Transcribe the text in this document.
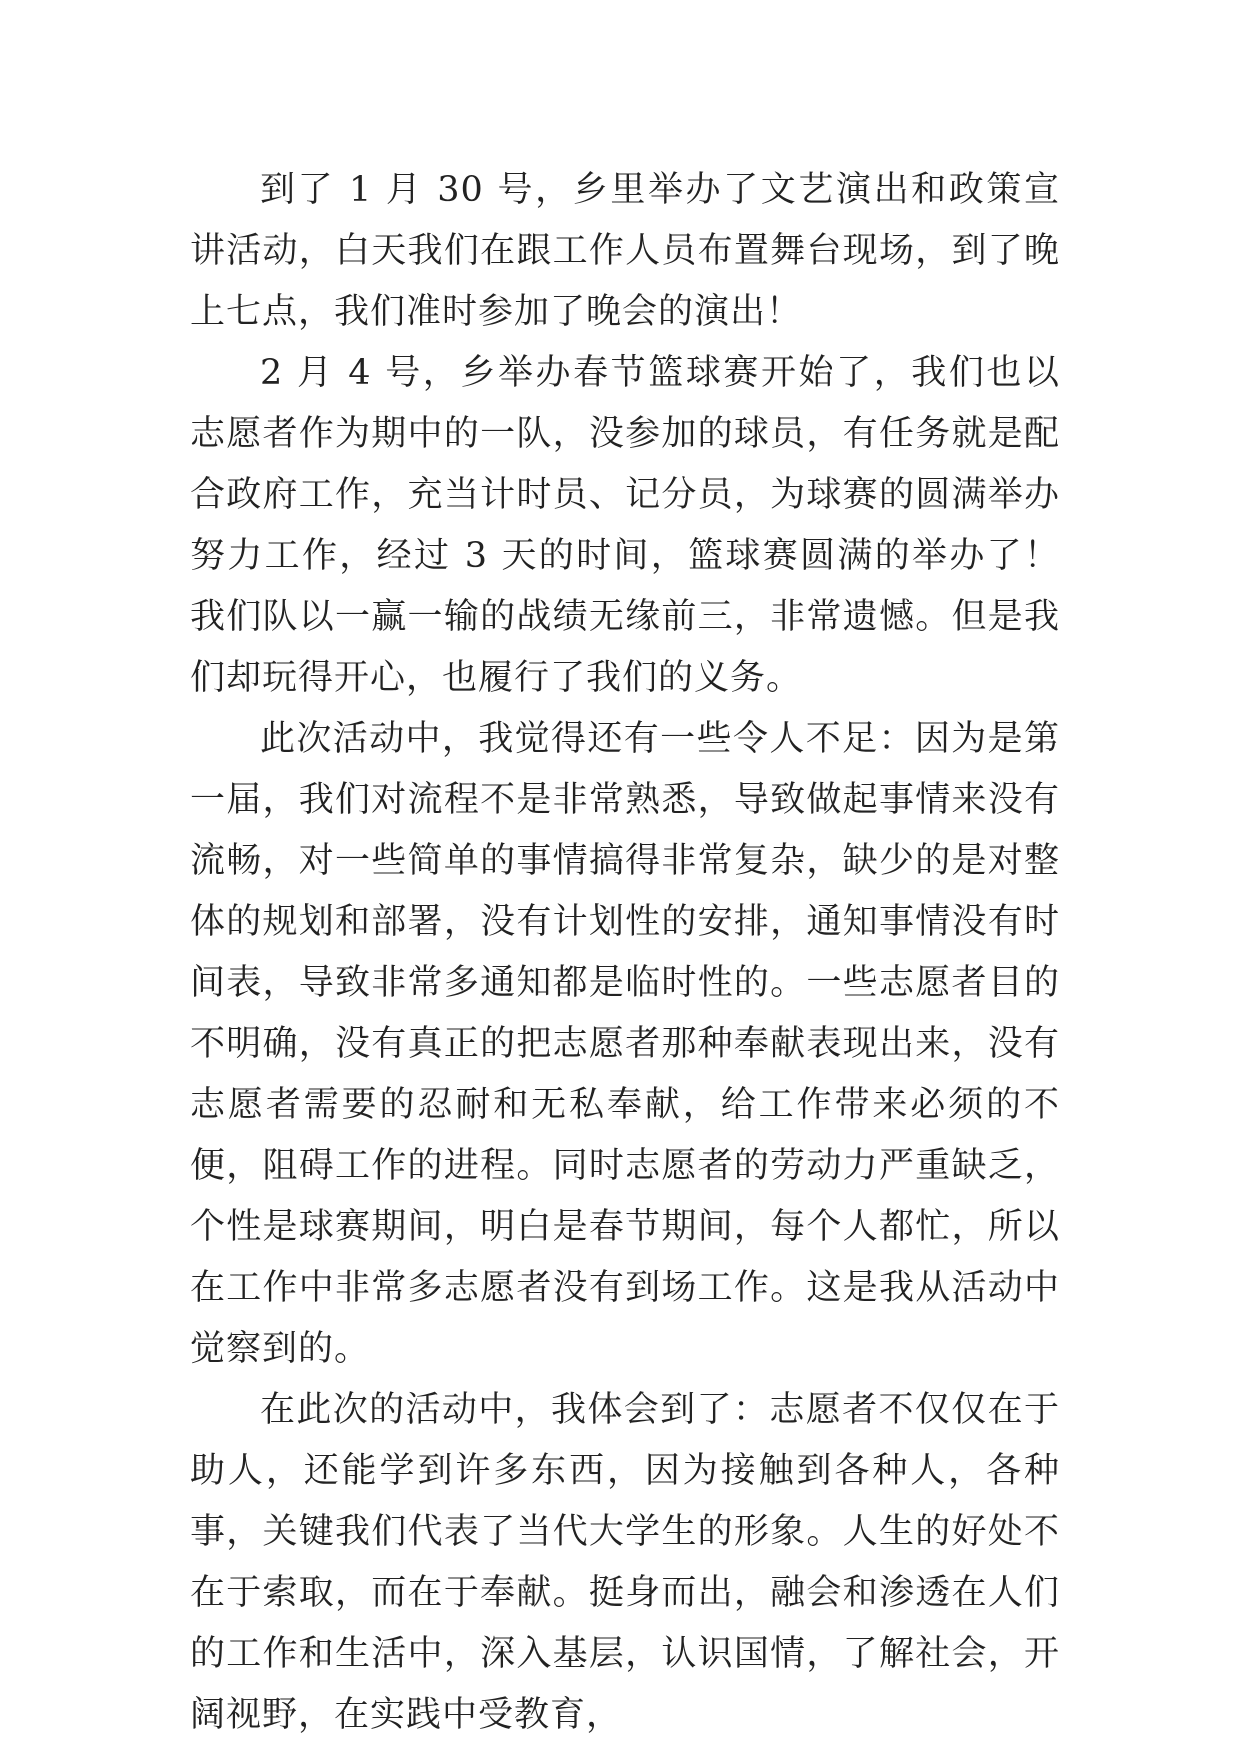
到了 1 月 30 号，乡里举办了文艺演出和政策宣讲活动，白天我们在跟工作人员布置舞台现场，到了晚上七点，我们准时参加了晚会的演出！

2 月 4 号，乡举办春节篮球赛开始了，我们也以志愿者作为期中的一队，没参加的球员，有任务就是配合政府工作，充当计时员、记分员，为球赛的圆满举办努力工作，经过 3 天的时间，篮球赛圆满的举办了！我们队以一赢一输的战绩无缘前三，非常遗憾。但是我们却玩得开心，也履行了我们的义务。

此次活动中，我觉得还有一些令人不足：因为是第一届，我们对流程不是非常熟悉，导致做起事情来没有流畅，对一些简单的事情搞得非常复杂，缺少的是对整体的规划和部署，没有计划性的安排，通知事情没有时间表，导致非常多通知都是临时性的。一些志愿者目的不明确，没有真正的把志愿者那种奉献表现出来，没有志愿者需要的忍耐和无私奉献，给工作带来必须的不便，阻碍工作的进程。同时志愿者的劳动力严重缺乏，个性是球赛期间，明白是春节期间，每个人都忙，所以在工作中非常多志愿者没有到场工作。这是我从活动中觉察到的。

在此次的活动中，我体会到了：志愿者不仅仅在于助人，还能学到许多东西，因为接触到各种人，各种事，关键我们代表了当代大学生的形象。人生的好处不在于索取，而在于奉献。挺身而出，融会和渗透在人们的工作和生活中，深入基层，认识国情，了解社会，开阔视野，在实践中受教育，
